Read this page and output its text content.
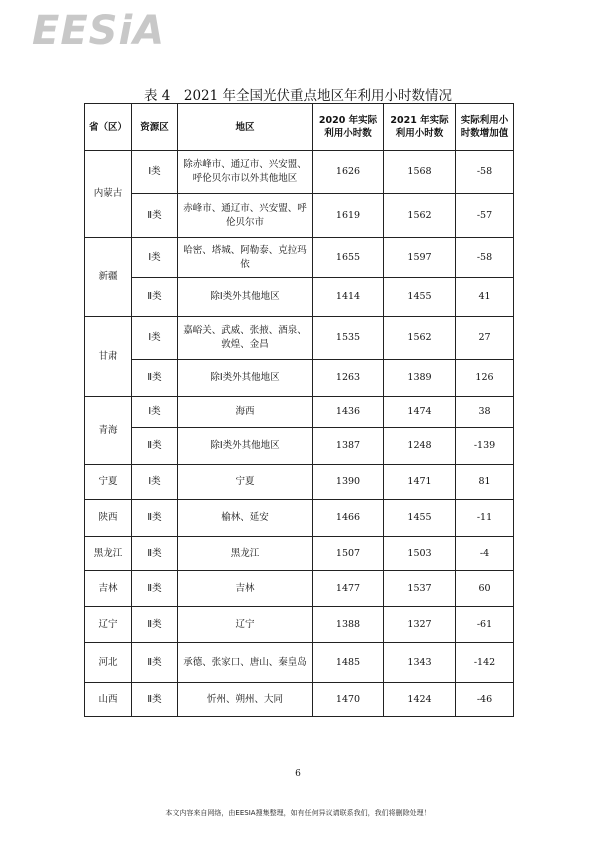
EESiA
表 4　2021 年全国光伏重点地区年利用小时数情况
省（区）	资源区	地区	2020 年实际利用小时数	2021 年实际利用小时数	实际利用小时数增加值
内蒙古	Ⅰ类	除赤峰市、通辽市、兴安盟、呼伦贝尔市以外其他地区	1626	1568	-58
	Ⅱ类	赤峰市、通辽市、兴安盟、呼伦贝尔市	1619	1562	-57
新疆	Ⅰ类	哈密、塔城、阿勒泰、克拉玛依	1655	1597	-58
	Ⅱ类	除Ⅰ类外其他地区	1414	1455	41
甘肃	Ⅰ类	嘉峪关、武威、张掖、酒泉、敦煌、金昌	1535	1562	27
	Ⅱ类	除Ⅰ类外其他地区	1263	1389	126
青海	Ⅰ类	海西	1436	1474	38
	Ⅱ类	除Ⅰ类外其他地区	1387	1248	-139
宁夏	Ⅰ类	宁夏	1390	1471	81
陕西	Ⅱ类	榆林、延安	1466	1455	-11
黑龙江	Ⅱ类	黑龙江	1507	1503	-4
吉林	Ⅱ类	吉林	1477	1537	60
辽宁	Ⅱ类	辽宁	1388	1327	-61
河北	Ⅱ类	承德、张家口、唐山、秦皇岛	1485	1343	-142
山西	Ⅱ类	忻州、朔州、大同	1470	1424	-46
6
本文内容来自网络，由EESIA搜集整理，如有任何异议请联系我们，我们将删除处理！
